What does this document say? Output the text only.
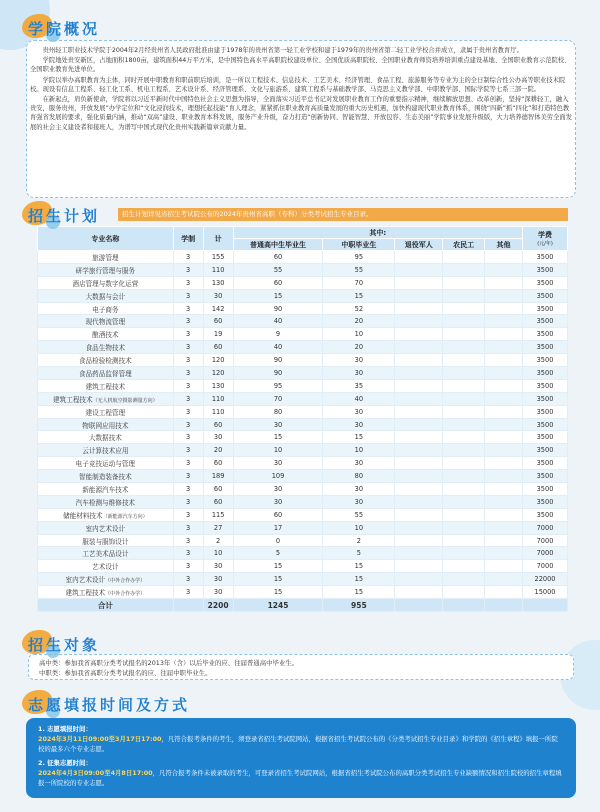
学院概况

贵州轻工职业技术学院于2004年2月经贵州省人民政府批准由建于1978年的贵州省第一轻工业学校和建于1979年的贵州省第二轻工业学校合并成立，隶属于贵州省教育厅。

学院地处贵安新区，占地面积1800亩，建筑面积44万平方米，是中国特色高水平高职院校建设单位、全国优质高职院校、全国职业教育师资培养培训重点建设基地、全国职业教育示范院校、全国职业教育先进单位。

学院以举办高职教育为主体，同时开展中职教育和职前职后培训，是一所以工程技术、信息技术、工艺美术、经济管理、食品工程、旅游服务等专业为主的全日制综合性公办高等职业技术院校。现设有信息工程系、轻工化工系、机电工程系、艺术设计系、经济管理系、文化与旅游系、建筑工程系与基础教学部、马克思主义教学部、中职教学部、国际学院等七系三部一院。

在新起点，肩负新使命，学院将以习近平新时代中国特色社会主义思想为指导，全面落实习近平总书记对发展职业教育工作的重要指示精神，继续解放思想、改革创新，坚持“深耕轻工，融入贵安，服务贵州，开放发展”办学定位和“文化浸润技术，理想托起技能”育人理念，紧紧抓住职业教育高质量发展的重大历史机遇，加快构建现代职业教育体系，围绕“四新”抓“四化”和打造特色教育强省发展的要求，强化质量内涵，推动“双高”建设、职业教育本科发展，服务产业升级，奋力打造“创新协同、智能智慧、开放包容、生态美丽”学院事业发展升级版，大力培养德智体美劳全面发展的社会主义建设者和接班人，为谱写中国式现代化贵州实践新篇章贡献力量。

招生计划	招生计划详见省招生考试院公布的2024年贵州省高职（专科）分类考试招生专业目录。
专业名称	学制	计	其中:					学费
(元/年)

			普通高中生毕业生	中职毕业生	退役军人	农民工	其他	
旅游管理	3	155	60	95				3500
研学旅行管理与服务	3	110	55	55				3500
酒店管理与数字化运营	3	130	60	70				3500
大数据与会计	3	30	15	15				3500
电子商务	3	142	90	52				3500
现代物流管理	3	60	40	20				3500
酿酒技术	3	19	9	10				3500
食品生物技术	3	60	40	20				3500
食品检验检测技术	3	120	90	30				3500
食品药品监督管理	3	120	90	30				3500
建筑工程技术	3	130	95	35				3500
建筑工程技术（无人机航空摄影测量方向）	3	110	70	40				3500
建设工程管理	3	110	80	30				3500
物联网应用技术	3	60	30	30				3500
大数据技术	3	30	15	15				3500
云计算技术应用	3	20	10	10				3500
电子竞技运动与管理	3	60	30	30				3500
智能制造装备技术	3	189	109	80				3500
新能源汽车技术	3	60	30	30				3500
汽车检测与维修技术	3	60	30	30				3500
储能材料技术（新能源汽车方向）	3	115	60	55				3500
室内艺术设计	3	27	17	10				7000
服装与服饰设计	3	2	0	2				7000
工艺美术品设计	3	10	5	5				7000
艺术设计	3	30	15	15				7000
室内艺术设计（中外合作办学）	3	30	15	15				22000
建筑工程技术（中外合作办学）	3	30	15	15				15000
合计		2200	1245	955				
招生对象
高中类：参加我省高职分类考试报名的2013年（含）以后毕业的应、往届普通高中毕业生。
中职类：参加我省高职分类考试报名的应、往届中职毕业生。
志愿填报时间及方式
1. 志愿填报时间：
2024年3月11日09:00至3月17日17:00，凡符合报考条件的考生，须登录省招生考试院网站，根据省招生考试院公布的《分类考试招生专业目录》和学院的《招生章程》填报一所院校的最多六个专业志愿。
2. 征集志愿时间：
2024年4月3日09:00至4月8日17:00，凡符合报考条件未被录取的考生，可登录省招生考试院网站，根据省招生考试院公布的高职分类考试招生专业缺额情况和招生院校的招生章程填报一所院校的专业志愿。
